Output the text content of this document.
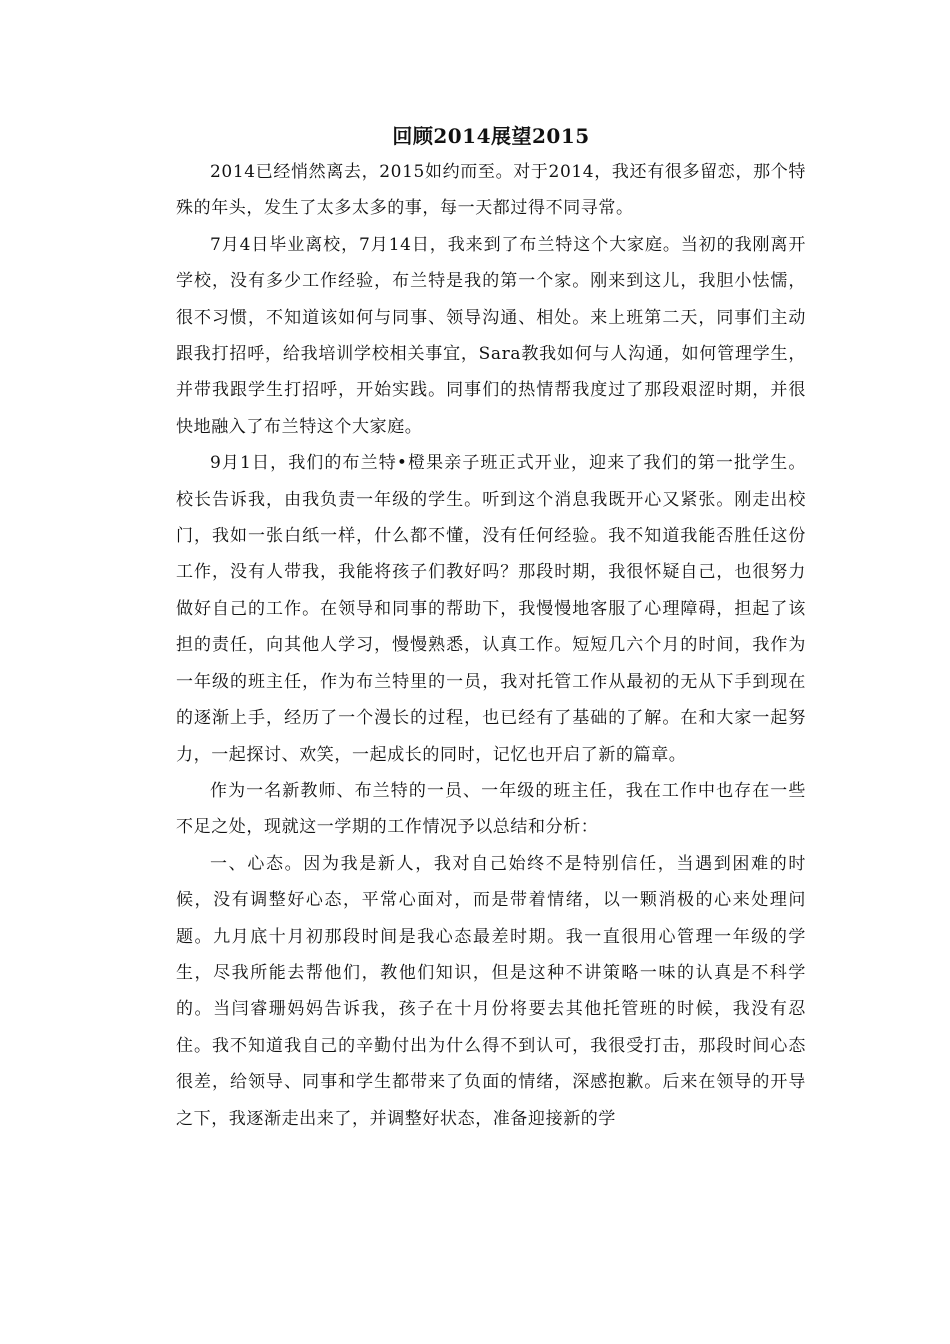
回顾2014展望2015

2014已经悄然离去，2015如约而至。对于2014，我还有很多留恋，那个特殊的年头，发生了太多太多的事，每一天都过得不同寻常。

7月4日毕业离校，7月14日，我来到了布兰特这个大家庭。当初的我刚离开学校，没有多少工作经验，布兰特是我的第一个家。刚来到这儿，我胆小怯懦，很不习惯，不知道该如何与同事、领导沟通、相处。来上班第二天，同事们主动跟我打招呼，给我培训学校相关事宜，Sara教我如何与人沟通，如何管理学生，并带我跟学生打招呼，开始实践。同事们的热情帮我度过了那段艰涩时期，并很快地融入了布兰特这个大家庭。

9月1日，我们的布兰特•橙果亲子班正式开业，迎来了我们的第一批学生。校长告诉我，由我负责一年级的学生。听到这个消息我既开心又紧张。刚走出校门，我如一张白纸一样，什么都不懂，没有任何经验。我不知道我能否胜任这份工作，没有人带我，我能将孩子们教好吗？那段时期，我很怀疑自己，也很努力做好自己的工作。在领导和同事的帮助下，我慢慢地客服了心理障碍，担起了该担的责任，向其他人学习，慢慢熟悉，认真工作。短短几六个月的时间，我作为一年级的班主任，作为布兰特里的一员，我对托管工作从最初的无从下手到现在的逐渐上手，经历了一个漫长的过程，也已经有了基础的了解。在和大家一起努力，一起探讨、欢笑，一起成长的同时，记忆也开启了新的篇章。

作为一名新教师、布兰特的一员、一年级的班主任，我在工作中也存在一些不足之处，现就这一学期的工作情况予以总结和分析：

一、心态。因为我是新人，我对自己始终不是特别信任，当遇到困难的时候，没有调整好心态，平常心面对，而是带着情绪，以一颗消极的心来处理问题。九月底十月初那段时间是我心态最差时期。我一直很用心管理一年级的学生，尽我所能去帮他们，教他们知识，但是这种不讲策略一味的认真是不科学的。当闫睿珊妈妈告诉我，孩子在十月份将要去其他托管班的时候，我没有忍住。我不知道我自己的辛勤付出为什么得不到认可，我很受打击，那段时间心态很差，给领导、同事和学生都带来了负面的情绪，深感抱歉。后来在领导的开导之下，我逐渐走出来了，并调整好状态，准备迎接新的学
